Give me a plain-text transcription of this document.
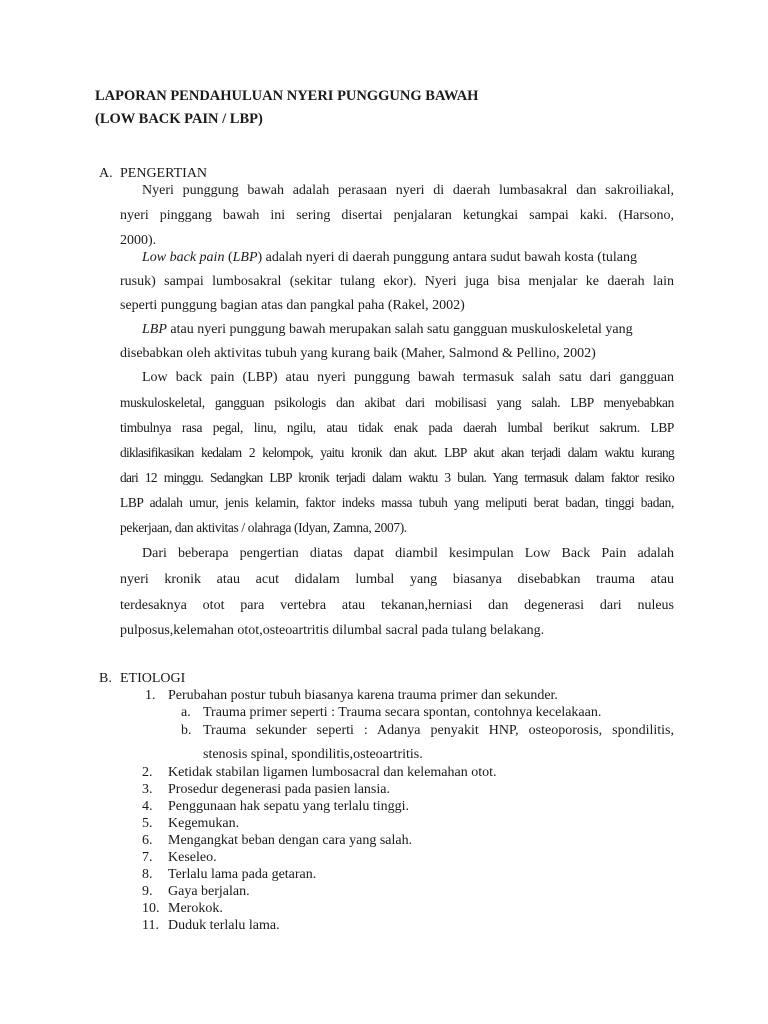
LAPORAN PENDAHULUAN NYERI PUNGGUNG BAWAH

(LOW BACK PAIN / LBP)

A. PENGERTIAN

Nyeri punggung bawah adalah perasaan nyeri di daerah lumbasakral dan sakroiliakal,

nyeri pinggang bawah ini sering disertai penjalaran ketungkai sampai kaki. (Harsono,

2000).

Low back pain (LBP) adalah nyeri di daerah punggung antara sudut bawah kosta (tulang

rusuk) sampai lumbosakral (sekitar tulang ekor). Nyeri juga bisa menjalar ke daerah lain

seperti punggung bagian atas dan pangkal paha (Rakel, 2002)

LBP atau nyeri punggung bawah merupakan salah satu gangguan muskuloskeletal yang

disebabkan oleh aktivitas tubuh yang kurang baik (Maher, Salmond & Pellino, 2002)

Low back pain (LBP) atau nyeri punggung bawah termasuk salah satu dari gangguan

muskuloskeletal, gangguan psikologis dan akibat dari mobilisasi yang salah. LBP menyebabkan

timbulnya rasa pegal, linu, ngilu, atau tidak enak pada daerah lumbal berikut sakrum. LBP

diklasifikasikan kedalam 2 kelompok, yaitu kronik dan akut. LBP akut akan terjadi dalam waktu kurang

dari 12 minggu. Sedangkan LBP kronik terjadi dalam waktu 3 bulan. Yang termasuk dalam faktor resiko

LBP adalah umur, jenis kelamin, faktor indeks massa tubuh yang meliputi berat badan, tinggi badan,

pekerjaan, dan aktivitas / olahraga (Idyan, Zamna, 2007).

Dari beberapa pengertian diatas dapat diambil kesimpulan Low Back Pain adalah

nyeri kronik atau acut didalam lumbal yang biasanya disebabkan trauma atau

terdesaknya otot para vertebra atau tekanan,herniasi dan degenerasi dari nuleus

pulposus,kelemahan otot,osteoartritis dilumbal sacral pada tulang belakang.

B. ETIOLOGI
1. Perubahan postur tubuh biasanya karena trauma primer dan sekunder.
a. Trauma primer seperti : Trauma secara spontan, contohnya kecelakaan.
b. Trauma sekunder seperti : Adanya penyakit HNP, osteoporosis, spondilitis,
stenosis spinal, spondilitis,osteoartritis.
2. Ketidak stabilan ligamen lumbosacral dan kelemahan otot.
3. Prosedur degenerasi pada pasien lansia.
4. Penggunaan hak sepatu yang terlalu tinggi.
5. Kegemukan.
6. Mengangkat beban dengan cara yang salah.
7. Keseleo.
8. Terlalu lama pada getaran.
9. Gaya berjalan.
10. Merokok.
11. Duduk terlalu lama.
